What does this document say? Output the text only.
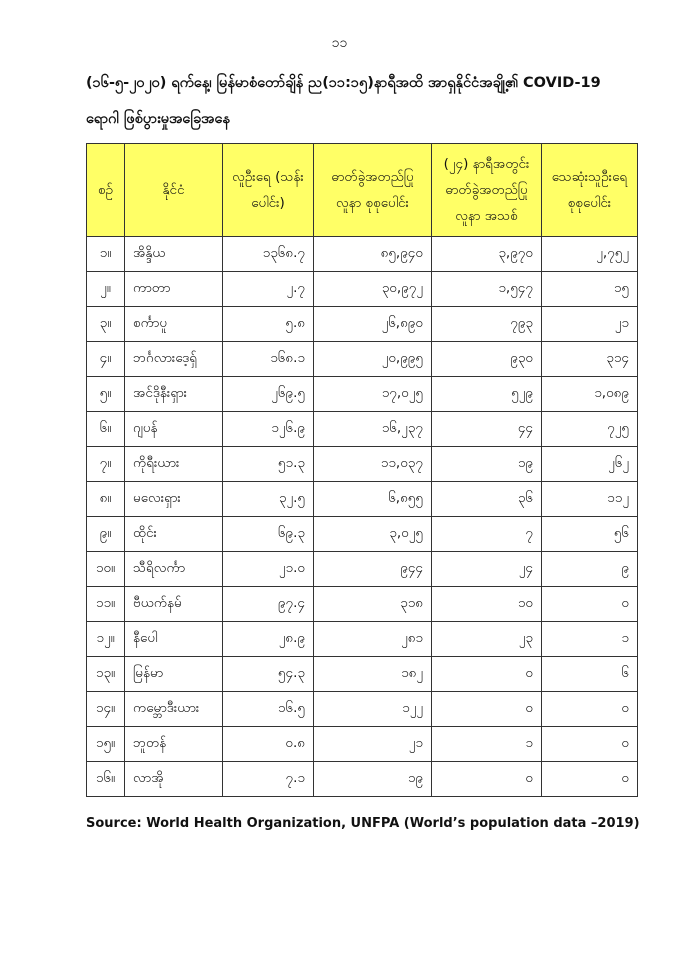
၁၁
(၁၆-၅-၂၀၂၀) ရက်နေ့၊ မြန်မာစံတော်ချိန် ည(၁၁:၁၅)နာရီအထိ အာရှနိုင်ငံအချို့၏ COVID-19
ရောဂါ ဖြစ်ပွားမှုအခြေအနေ
စဉ်	နိုင်ငံ	လူဦးရေ (သန်းပေါင်း)	ဓာတ်ခွဲအတည်ပြု လူနာ စုစုပေါင်း	(၂၄) နာရီအတွင်း ဓာတ်ခွဲအတည်ပြု လူနာ အသစ်	သေဆုံးသူဦးရေ စုစုပေါင်း
၁။	အိန္ဒိယ	၁၃၆၈.၇	၈၅,၉၄၀	၃,၉၇၀	၂,၇၅၂
၂။	ကာတာ	၂.၇	၃၀,၉၇၂	၁,၅၄၇	၁၅
၃။	စင်္ကာပူ	၅.၈	၂၆,၈၉၀	၇၉၃	၂၁
၄။	ဘင်္ဂလားဒေ့ရှ်	၁၆၈.၁	၂၀,၉၉၅	၉၃၀	၃၁၄
၅။	အင်ဒိုနီးရှား	၂၆၉.၅	၁၇,၀၂၅	၅၂၉	၁,၀၈၉
၆။	ဂျပန်	၁၂၆.၉	၁၆,၂၃၇	၄၄	၇၂၅
၇။	ကိုရီးယား	၅၁.၃	၁၁,၀၃၇	၁၉	၂၆၂
၈။	မလေးရှား	၃၂.၅	၆,၈၅၅	၃၆	၁၁၂
၉။	ထိုင်း	၆၉.၃	၃,၀၂၅	၇	၅၆
၁၀။	သီရိလင်္ကာ	၂၁.၀	၉၄၄	၂၄	၉
၁၁။	ဗီယက်နမ်	၉၇.၄	၃၁၈	၁၀	၀
၁၂။	နီပေါ	၂၈.၉	၂၈၁	၂၃	၁
၁၃။	မြန်မာ	၅၄.၃	၁၈၂	၀	၆
၁၄။	ကမ္ဘောဒီးယား	၁၆.၅	၁၂၂	၀	၀
၁၅။	ဘူတန်	၀.၈	၂၁	၁	၀
၁၆။	လာအို	၇.၁	၁၉	၀	၀
Source: World Health Organization, UNFPA (World’s population data –2019)
